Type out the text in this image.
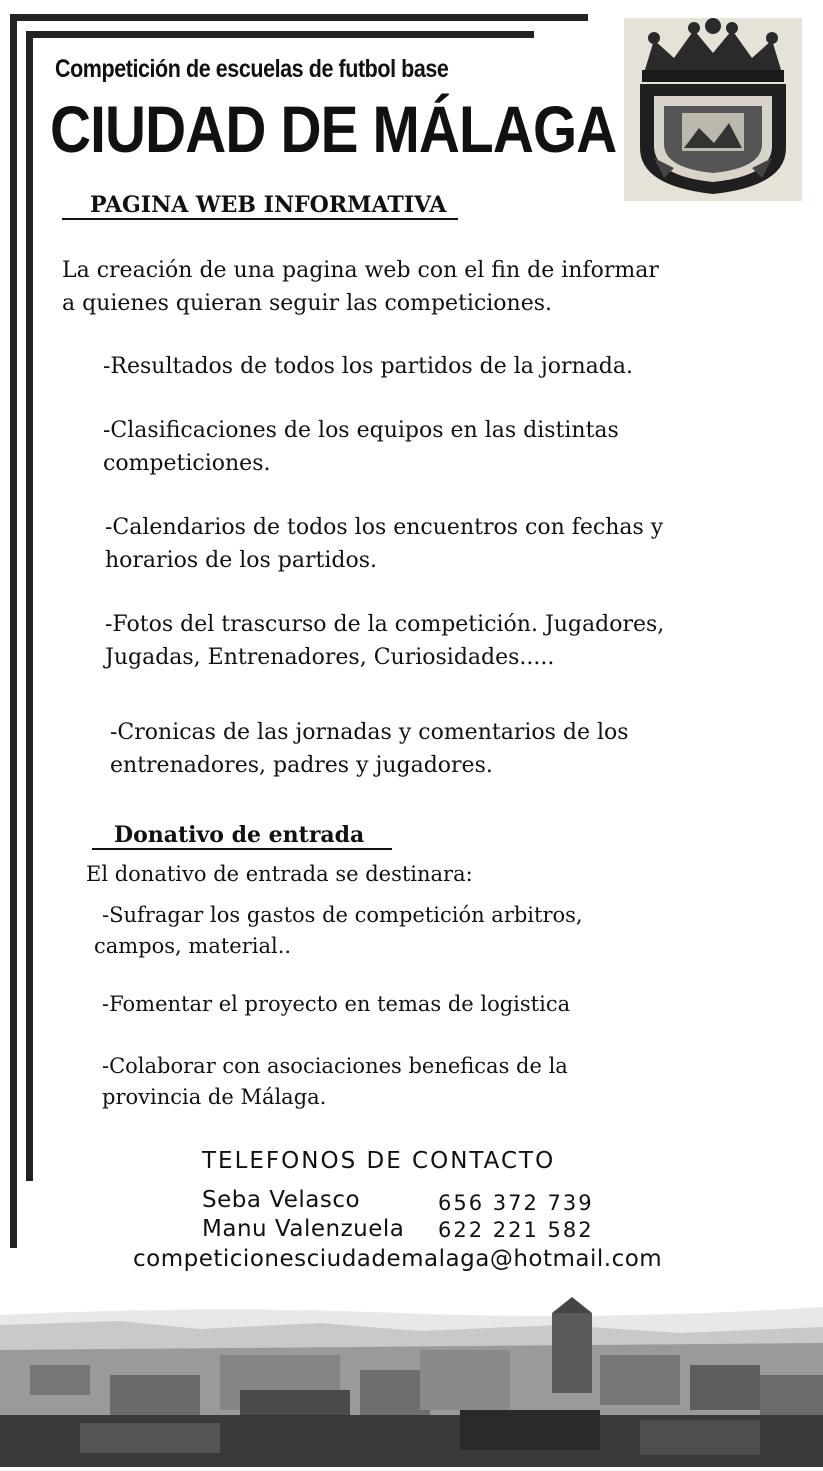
Competición de escuelas de futbol base
CIUDAD DE MÁLAGA
PAGINA WEB INFORMATIVA
La creación de una pagina web con el fin de informar
a quienes quieran seguir las competiciones.
-Resultados de todos los partidos de la jornada.
-Clasificaciones de los equipos en las distintas
competiciones.
-Calendarios de todos los encuentros con fechas y
horarios de los partidos.
-Fotos del trascurso de la competición. Jugadores,
Jugadas, Entrenadores, Curiosidades.....
-Cronicas de las jornadas y comentarios de los
entrenadores, padres y jugadores.
Donativo de entrada
El donativo de entrada se destinara:
-Sufragar los gastos de competición arbitros,
campos, material..
-Fomentar el proyecto en temas de logistica
-Colaborar con asociaciones beneficas de la
provincia de Málaga.
TELEFONOS DE CONTACTO
Seba Velasco	656 372 739
Manu Valenzuela 622 221 582
competicionesciudademalaga@hotmail.com
